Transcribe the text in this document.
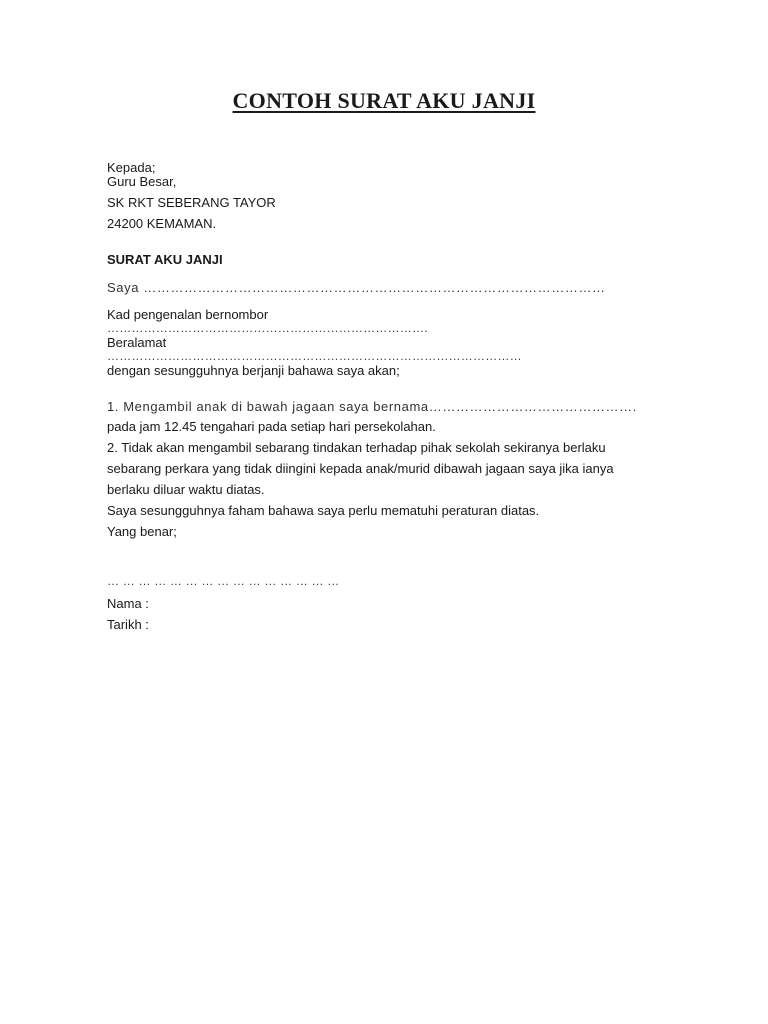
CONTOH SURAT AKU JANJI
Kepada;
Guru Besar,
SK RKT SEBERANG TAYOR
24200 KEMAMAN.
SURAT AKU JANJI
Saya …………………………………………………………………………………………
Kad pengenalan bernombor
…………………………………………………………………….
Beralamat
…………………………………………………………………………………………
dengan sesungguhnya berjanji bahawa saya akan;
1. Mengambil anak di bawah jagaan saya bernama……………………………………….
pada jam 12.45 tengahari pada setiap hari persekolahan.
2. Tidak akan mengambil sebarang tindakan terhadap pihak sekolah sekiranya berlaku
sebarang perkara yang tidak diingini kepada anak/murid dibawah jagaan saya jika ianya
berlaku diluar waktu diatas.
Saya sesungguhnya faham bahawa saya perlu mematuhi peraturan diatas.
Yang benar;
… … … … … … … … … … … … … … …
Nama :
Tarikh :
